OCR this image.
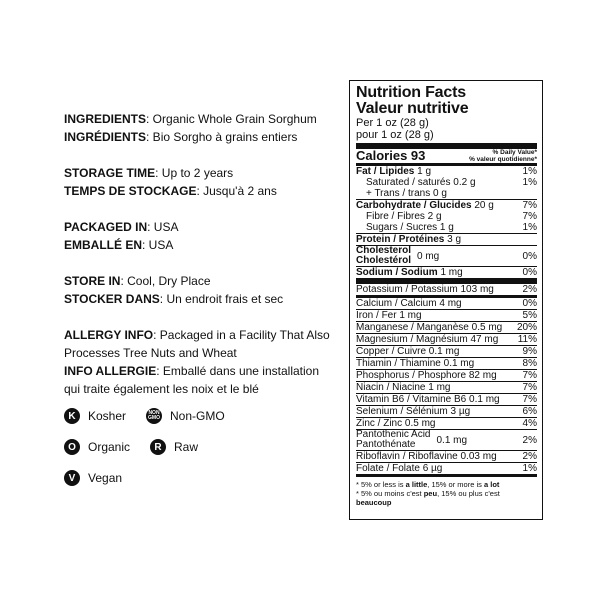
INGREDIENTS: Organic Whole Grain Sorghum
INGRÉDIENTS: Bio Sorgho à grains entiers
STORAGE TIME: Up to 2 years
TEMPS DE STOCKAGE: Jusqu'à 2 ans
PACKAGED IN: USA
EMBALLÉ EN: USA
STORE IN: Cool, Dry Place
STOCKER DANS: Un endroit frais et sec
ALLERGY INFO: Packaged in a Facility That Also Processes Tree Nuts and Wheat
INFO ALLERGIE: Emballé dans une installation qui traite également les noix et le blé
K	Kosher	NON GMO Non-GMO
O	Organic	R	Raw
V	Vegan
Nutrition Facts
Valeur nutritive
Per 1 oz (28 g)
pour 1 oz (28 g)
Calories 93	% Daily Value*
% valeur quotidienne*
Fat / Lipides 1 g	1%
Saturated / saturés 0.2 g	1%
+ Trans / trans 0 g
Carbohydrate / Glucides 20 g	7%
Fibre / Fibres 2 g	7%
Sugars / Sucres 1 g	1%
Protein / Protéines 3 g
Cholesterol
Cholestérol 0 mg	0%
Sodium / Sodium 1 mg	0%
Potassium / Potassium 103 mg	2%
Calcium / Calcium 4 mg	0%
Iron / Fer 1 mg	5%
Manganese / Manganèse 0.5 mg 20%
Magnesium / Magnésium 47 mg 11%
Copper / Cuivre 0.1 mg	9%
Thiamin / Thiamine 0.1 mg	8%
Phosphorus / Phosphore 82 mg	7%
Niacin / Niacine 1 mg	7%
Vitamin B6 / Vitamine B6 0.1 mg 7%
Selenium / Sélénium 3 µg	6%
Zinc / Zinc 0.5 mg	4%
Pantothenic Acid
Pantothénate	0.1 mg	2%
Riboflavin / Riboflavine 0.03 mg	2%
Folate / Folate 6 µg	1%
* 5% or less is a little, 15% or more is a lot
* 5% ou moins c'est peu, 15% ou plus c'est beaucoup
